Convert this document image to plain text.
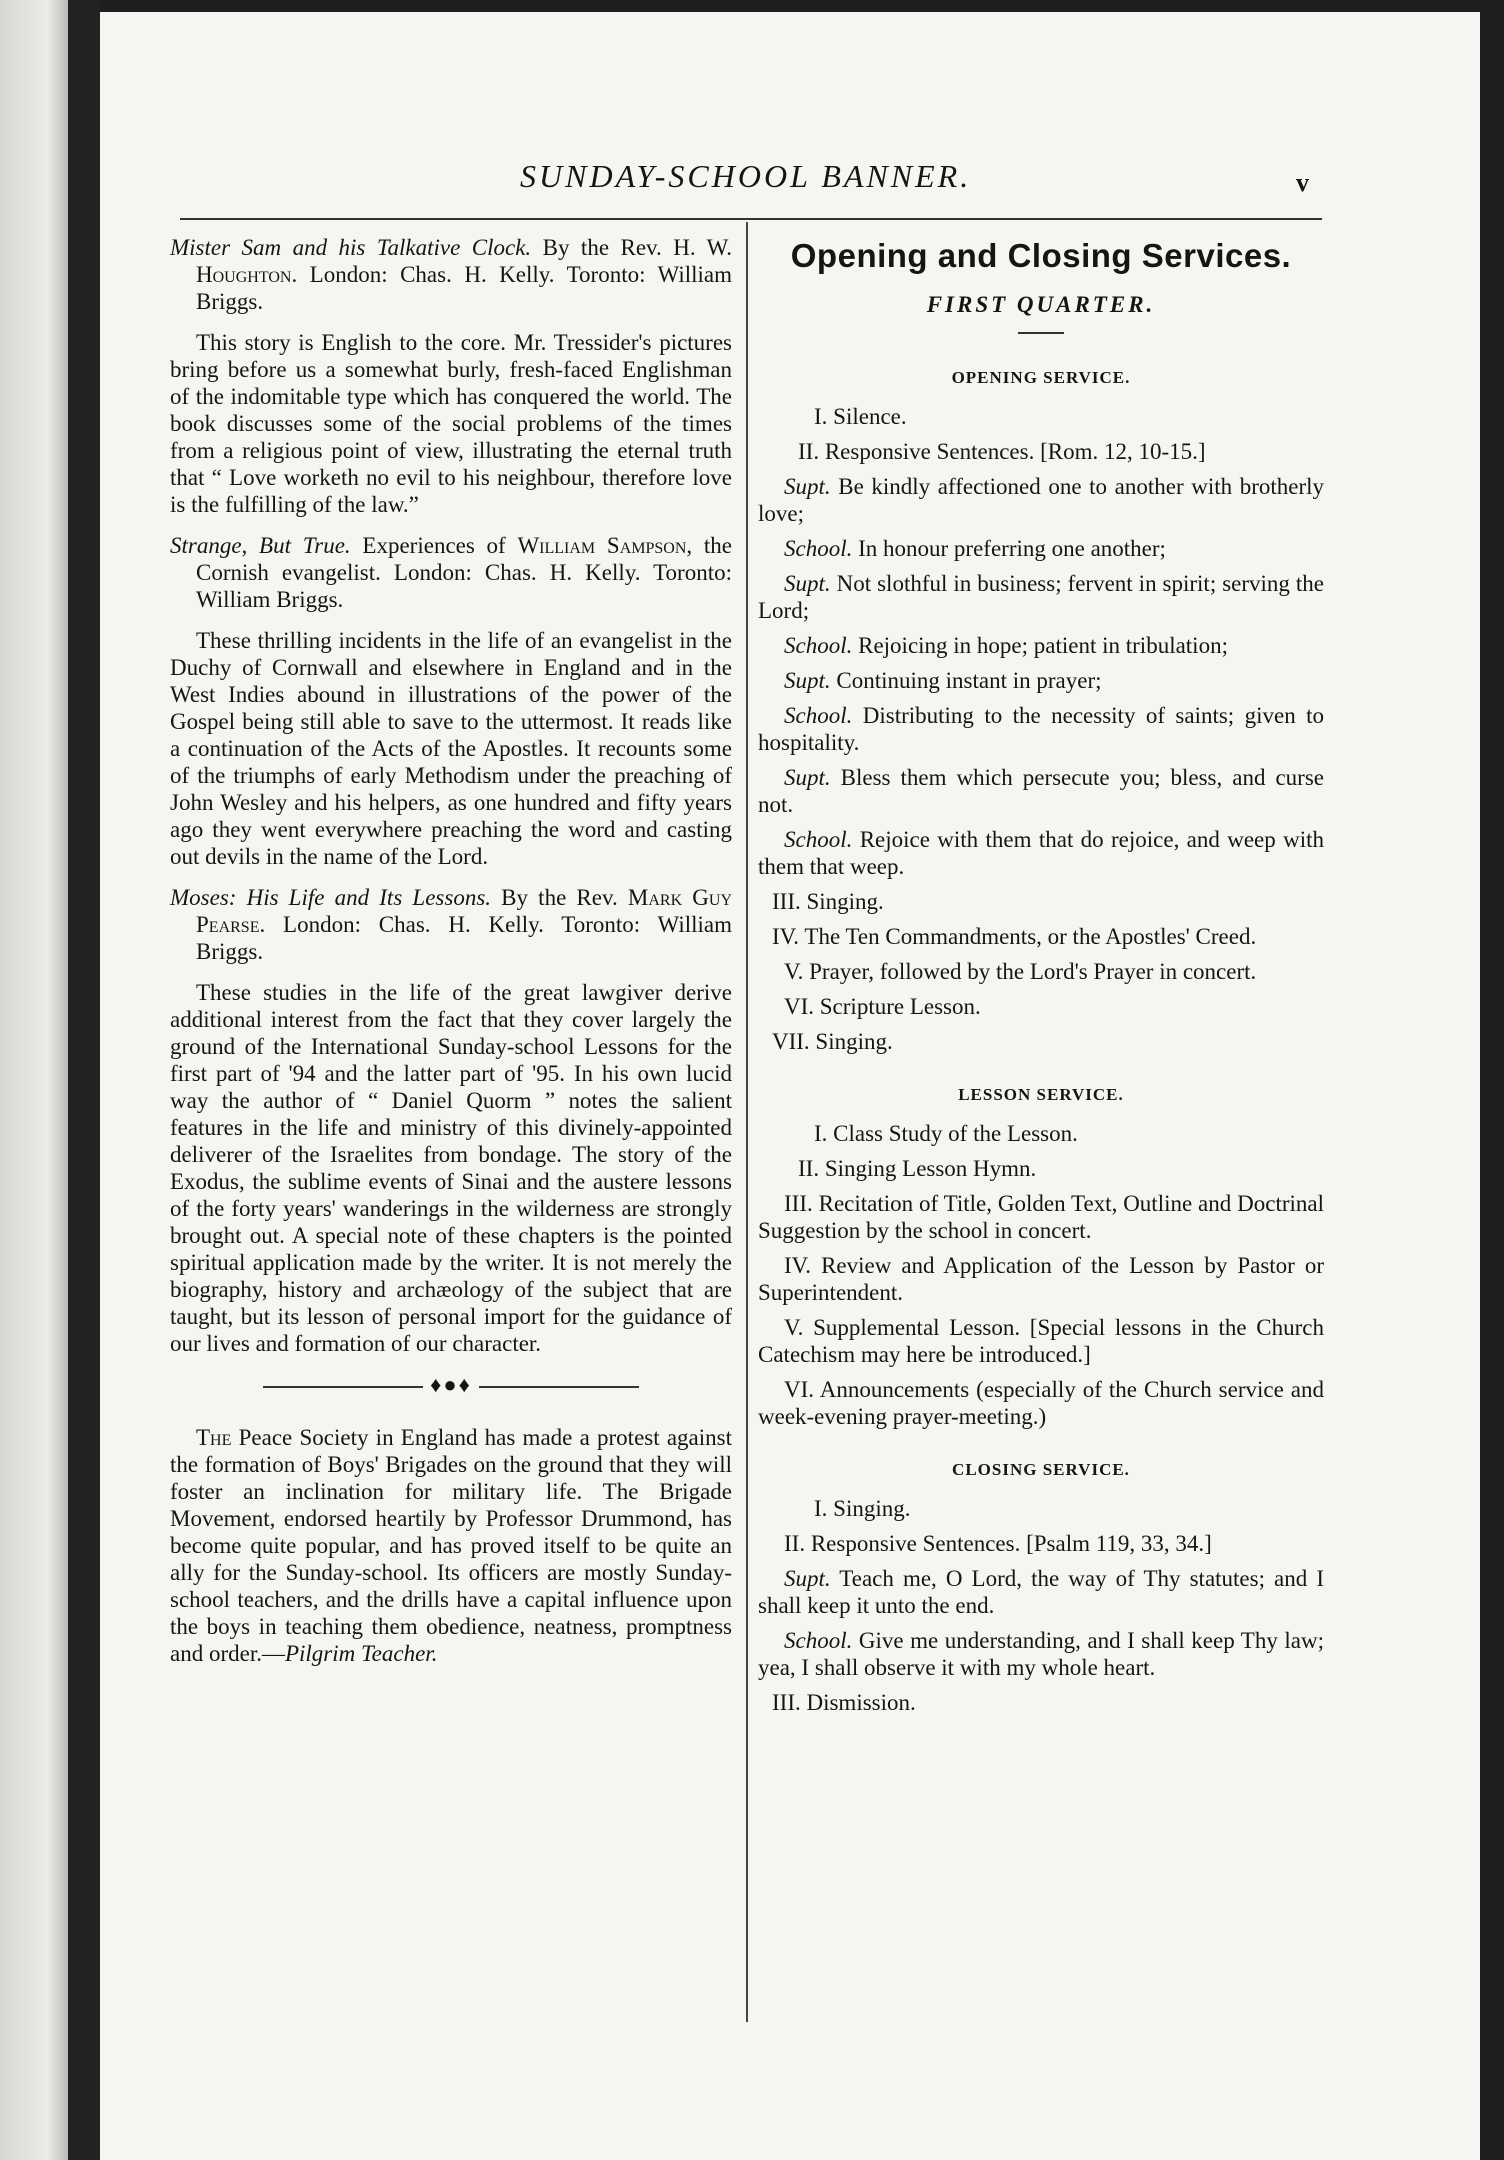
SUNDAY-SCHOOL BANNER.	v

Mister Sam and his Talkative Clock. By the Rev. H. W. Houghton. London: Chas. H. Kelly. Toronto: William Briggs.

This story is English to the core. Mr. Tressider's pictures bring before us a somewhat burly, fresh-faced Englishman of the indomitable type which has conquered the world. The book discusses some of the social problems of the times from a religious point of view, illustrating the eternal truth that “ Love worketh no evil to his neighbour, therefore love is the fulfilling of the law.”

Strange, But True. Experiences of William Sampson, the Cornish evangelist. London: Chas. H. Kelly. Toronto: William Briggs.

These thrilling incidents in the life of an evangelist in the Duchy of Cornwall and elsewhere in England and in the West Indies abound in illustrations of the power of the Gospel being still able to save to the uttermost. It reads like a continuation of the Acts of the Apostles. It recounts some of the triumphs of early Methodism under the preaching of John Wesley and his helpers, as one hundred and fifty years ago they went everywhere preaching the word and casting out devils in the name of the Lord.

Moses: His Life and Its Lessons. By the Rev. Mark Guy Pearse. London: Chas. H. Kelly. Toronto: William Briggs.

These studies in the life of the great lawgiver derive additional interest from the fact that they cover largely the ground of the International Sunday-school Lessons for the first part of '94 and the latter part of '95. In his own lucid way the author of “ Daniel Quorm ” notes the salient features in the life and ministry of this divinely-appointed deliverer of the Israelites from bondage. The story of the Exodus, the sublime events of Sinai and the austere lessons of the forty years' wanderings in the wilderness are strongly brought out. A special note of these chapters is the pointed spiritual application made by the writer. It is not merely the biography, history and archæology of the subject that are taught, but its lesson of personal import for the guidance of our lives and formation of our character.

♦●♦

The Peace Society in England has made a protest against the formation of Boys' Brigades on the ground that they will foster an inclination for military life. The Brigade Movement, endorsed heartily by Professor Drummond, has become quite popular, and has proved itself to be quite an ally for the Sunday-school. Its officers are mostly Sunday-school teachers, and the drills have a capital influence upon the boys in teaching them obedience, neatness, promptness and order.—Pilgrim Teacher.

Opening and Closing Services.

FIRST QUARTER.

OPENING SERVICE.

I. Silence.

II. Responsive Sentences. [Rom. 12, 10-15.]

Supt. Be kindly affectioned one to another with brotherly love;

School. In honour preferring one another;

Supt. Not slothful in business; fervent in spirit; serving the Lord;

School. Rejoicing in hope; patient in tribulation;

Supt. Continuing instant in prayer;

School. Distributing to the necessity of saints; given to hospitality.

Supt. Bless them which persecute you; bless, and curse not.

School. Rejoice with them that do rejoice, and weep with them that weep.

III. Singing.

IV. The Ten Commandments, or the Apostles' Creed.

V. Prayer, followed by the Lord's Prayer in concert.

VI. Scripture Lesson.

VII. Singing.

LESSON SERVICE.

I. Class Study of the Lesson.

II. Singing Lesson Hymn.

III. Recitation of Title, Golden Text, Outline and Doctrinal Suggestion by the school in concert.

IV. Review and Application of the Lesson by Pastor or Superintendent.

V. Supplemental Lesson. [Special lessons in the Church Catechism may here be introduced.]

VI. Announcements (especially of the Church service and week-evening prayer-meeting.)

CLOSING SERVICE.

I. Singing.

II. Responsive Sentences. [Psalm 119, 33, 34.]

Supt. Teach me, O Lord, the way of Thy statutes; and I shall keep it unto the end.

School. Give me understanding, and I shall keep Thy law; yea, I shall observe it with my whole heart.

III. Dismission.
